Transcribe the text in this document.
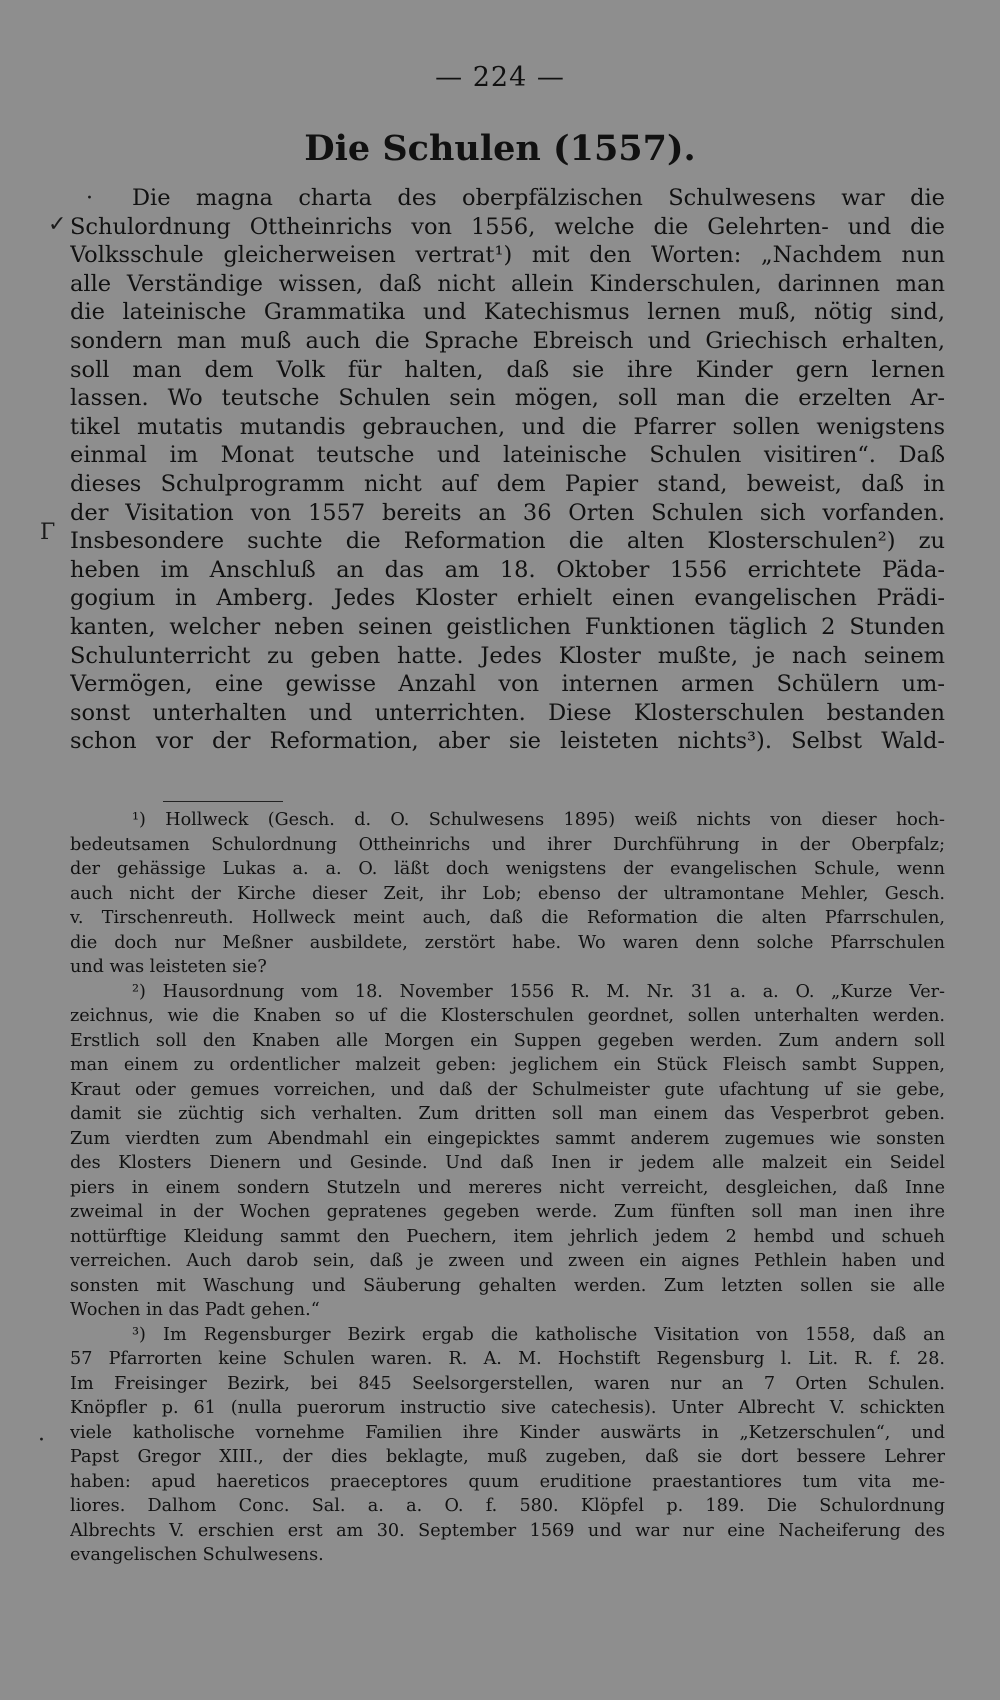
— 224 —
Die Schulen (1557).
·
✓
Γ
·
Die magna charta des oberpfälzischen Schulwesens war die
Schulordnung Ottheinrichs von 1556, welche die Gelehrten- und die
Volksschule gleicherweisen vertrat¹) mit den Worten: „Nachdem nun
alle Verständige wissen, daß nicht allein Kinderschulen, darinnen man
die lateinische Grammatika und Katechismus lernen muß, nötig sind,
sondern man muß auch die Sprache Ebreisch und Griechisch erhalten,
soll man dem Volk für halten, daß sie ihre Kinder gern lernen
lassen. Wo teutsche Schulen sein mögen, soll man die erzelten Ar-
tikel mutatis mutandis gebrauchen, und die Pfarrer sollen wenigstens
einmal im Monat teutsche und lateinische Schulen visitiren“. Daß
dieses Schulprogramm nicht auf dem Papier stand, beweist, daß in
der Visitation von 1557 bereits an 36 Orten Schulen sich vorfanden.
Insbesondere suchte die Reformation die alten Klosterschulen²) zu
heben im Anschluß an das am 18. Oktober 1556 errichtete Päda-
gogium in Amberg. Jedes Kloster erhielt einen evangelischen Prädi-
kanten, welcher neben seinen geistlichen Funktionen täglich 2 Stunden
Schulunterricht zu geben hatte. Jedes Kloster mußte, je nach seinem
Vermögen, eine gewisse Anzahl von internen armen Schülern um-
sonst unterhalten und unterrichten. Diese Klosterschulen bestanden
schon vor der Reformation, aber sie leisteten nichts³). Selbst Wald-
¹) Hollweck (Gesch. d. O. Schulwesens 1895) weiß nichts von dieser hoch-
bedeutsamen Schulordnung Ottheinrichs und ihrer Durchführung in der Oberpfalz;
der gehässige Lukas a. a. O. läßt doch wenigstens der evangelischen Schule, wenn
auch nicht der Kirche dieser Zeit, ihr Lob; ebenso der ultramontane Mehler, Gesch.
v. Tirschenreuth. Hollweck meint auch, daß die Reformation die alten Pfarrschulen,
die doch nur Meßner ausbildete, zerstört habe. Wo waren denn solche Pfarrschulen
und was leisteten sie?
²) Hausordnung vom 18. November 1556 R. M. Nr. 31 a. a. O. „Kurze Ver-
zeichnus, wie die Knaben so uf die Klosterschulen geordnet, sollen unterhalten werden.
Erstlich soll den Knaben alle Morgen ein Suppen gegeben werden. Zum andern soll
man einem zu ordentlicher malzeit geben: jeglichem ein Stück Fleisch sambt Suppen,
Kraut oder gemues vorreichen, und daß der Schulmeister gute ufachtung uf sie gebe,
damit sie züchtig sich verhalten. Zum dritten soll man einem das Vesperbrot geben.
Zum vierdten zum Abendmahl ein eingepicktes sammt anderem zugemues wie sonsten
des Klosters Dienern und Gesinde. Und daß Inen ir jedem alle malzeit ein Seidel
piers in einem sondern Stutzeln und mereres nicht verreicht, desgleichen, daß Inne
zweimal in der Wochen gepratenes gegeben werde. Zum fünften soll man inen ihre
nottürftige Kleidung sammt den Puechern, item jehrlich jedem 2 hembd und schueh
verreichen. Auch darob sein, daß je zween und zween ein aignes Pethlein haben und
sonsten mit Waschung und Säuberung gehalten werden. Zum letzten sollen sie alle
Wochen in das Padt gehen.“
³) Im Regensburger Bezirk ergab die katholische Visitation von 1558, daß an
57 Pfarrorten keine Schulen waren. R. A. M. Hochstift Regensburg l. Lit. R. f. 28.
Im Freisinger Bezirk, bei 845 Seelsorgerstellen, waren nur an 7 Orten Schulen.
Knöpfler p. 61 (nulla puerorum instructio sive catechesis). Unter Albrecht V. schickten
viele katholische vornehme Familien ihre Kinder auswärts in „Ketzerschulen“, und
Papst Gregor XIII., der dies beklagte, muß zugeben, daß sie dort bessere Lehrer
haben: apud haereticos praeceptores quum eruditione praestantiores tum vita me-
liores. Dalhom Conc. Sal. a. a. O. f. 580. Klöpfel p. 189. Die Schulordnung
Albrechts V. erschien erst am 30. September 1569 und war nur eine Nacheiferung des
evangelischen Schulwesens.
